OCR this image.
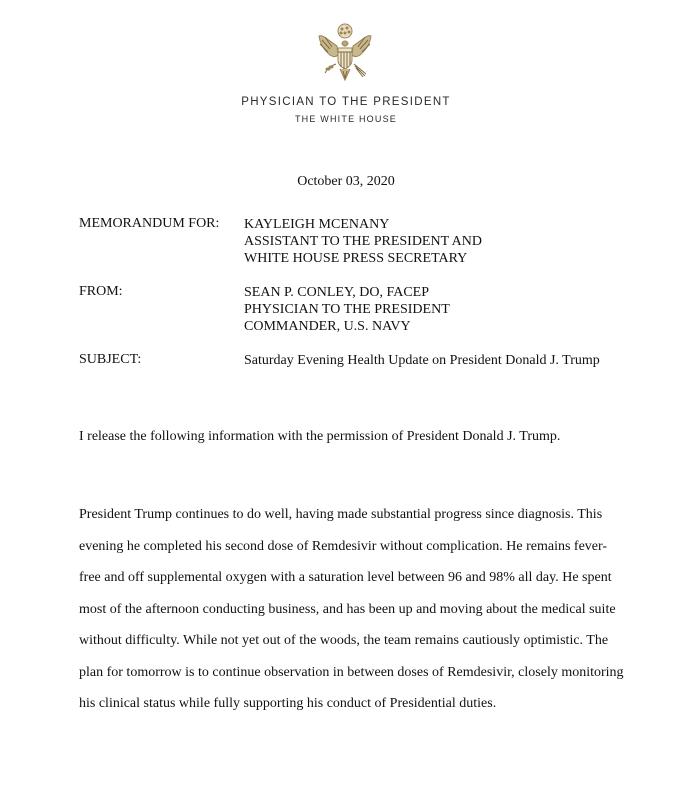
PHYSICIAN TO THE PRESIDENT
THE WHITE HOUSE
October 03, 2020
MEMORANDUM FOR: KAYLEIGH MCENANY
ASSISTANT TO THE PRESIDENT AND
WHITE HOUSE PRESS SECRETARY
FROM:	SEAN P. CONLEY, DO, FACEP
PHYSICIAN TO THE PRESIDENT
COMMANDER, U.S. NAVY
SUBJECT:	Saturday Evening Health Update on President Donald J. Trump
I release the following information with the permission of President Donald J. Trump.
President Trump continues to do well, having made substantial progress since diagnosis. This
evening he completed his second dose of Remdesivir without complication. He remains fever-
free and off supplemental oxygen with a saturation level between 96 and 98% all day. He spent
most of the afternoon conducting business, and has been up and moving about the medical suite
without difficulty. While not yet out of the woods, the team remains cautiously optimistic. The
plan for tomorrow is to continue observation in between doses of Remdesivir, closely monitoring
his clinical status while fully supporting his conduct of Presidential duties.
